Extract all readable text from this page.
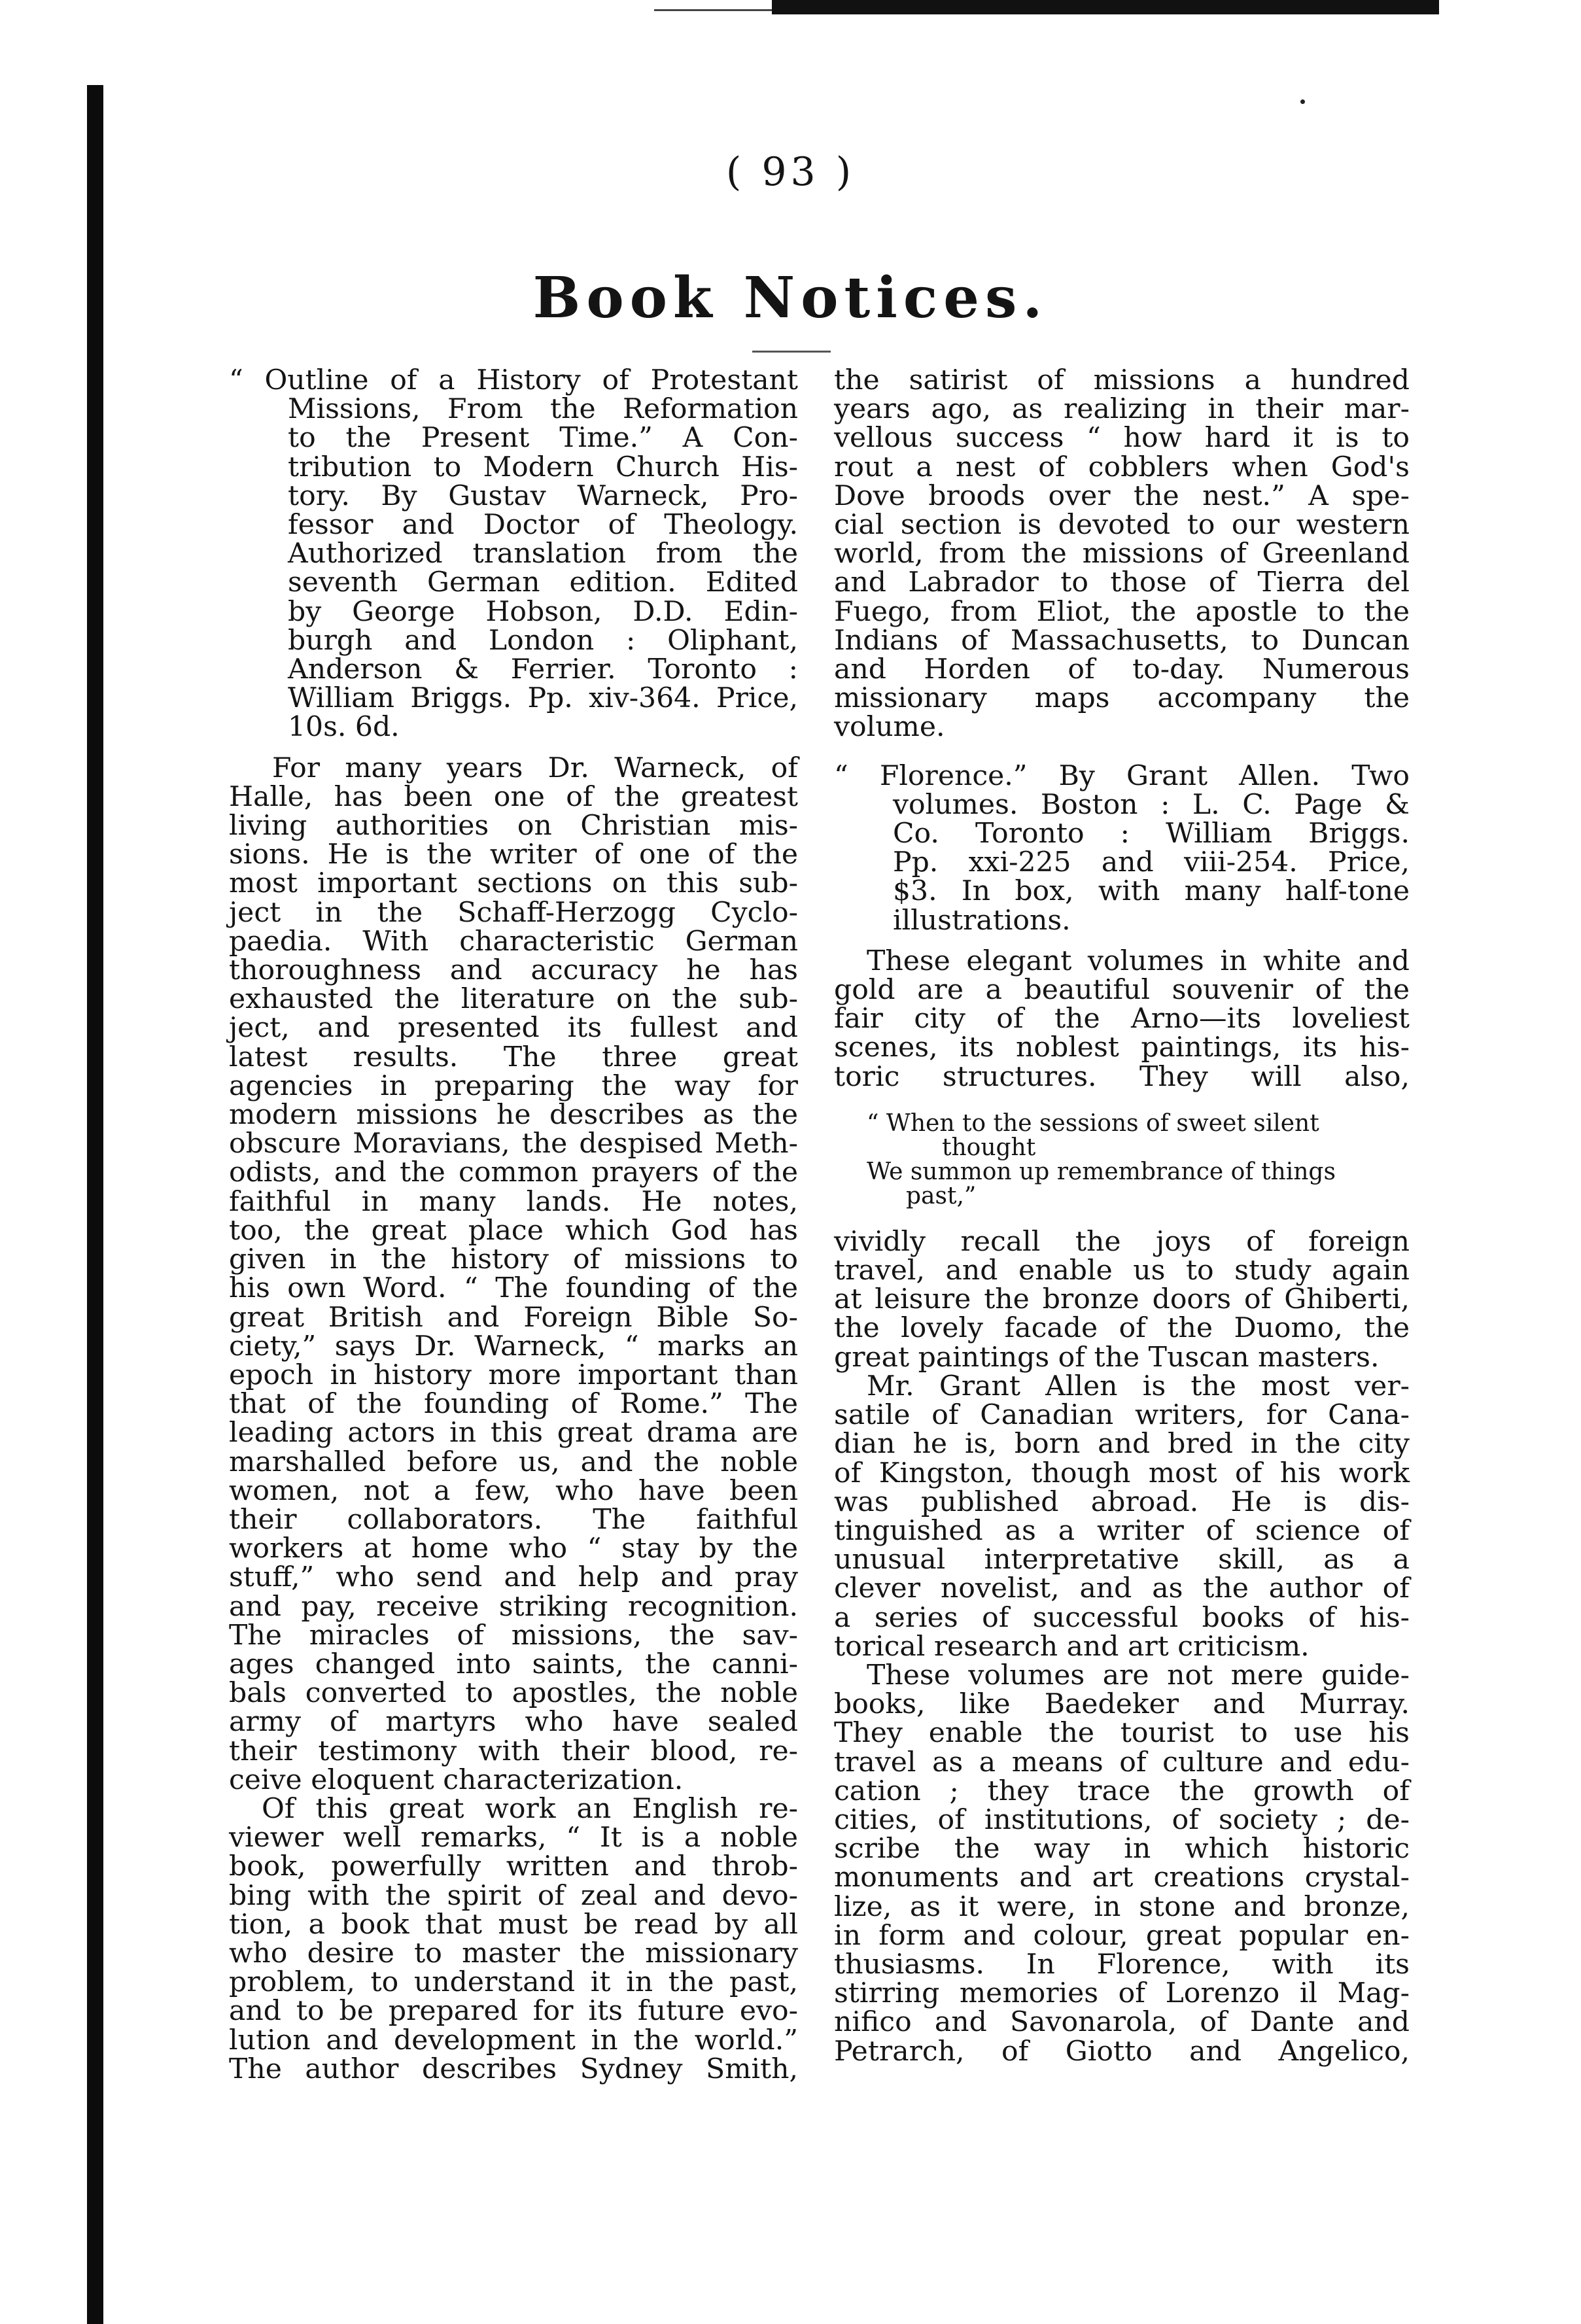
( 93 )
Book Notices.

“ Outline of a History of Protestant

Missions, From the Reformation

to the Present Time.” A Con-

tribution to Modern Church His-

tory. By Gustav Warneck, Pro-

fessor and Doctor of Theology.

Authorized translation from the

seventh German edition. Edited

by George Hobson, D.D. Edin-

burgh and London : Oliphant,

Anderson & Ferrier. Toronto :

William Briggs. Pp. xiv-364. Price,

10s. 6d.

For many years Dr. Warneck, of

Halle, has been one of the greatest

living authorities on Christian mis-

sions. He is the writer of one of the

most important sections on this sub-

ject in the Schaff-Herzogg Cyclo-

paedia. With characteristic German

thoroughness and accuracy he has

exhausted the literature on the sub-

ject, and presented its fullest and

latest results. The three great

agencies in preparing the way for

modern missions he describes as the

obscure Moravians, the despised Meth-

odists, and the common prayers of the

faithful in many lands. He notes,

too, the great place which God has

given in the history of missions to

his own Word. “ The founding of the

great British and Foreign Bible So-

ciety,” says Dr. Warneck, “ marks an

epoch in history more important than

that of the founding of Rome.” The

leading actors in this great drama are

marshalled before us, and the noble

women, not a few, who have been

their collaborators. The faithful

workers at home who “ stay by the

stuff,” who send and help and pray

and pay, receive striking recognition.

The miracles of missions, the sav-

ages changed into saints, the canni-

bals converted to apostles, the noble

army of martyrs who have sealed

their testimony with their blood, re-

ceive eloquent characterization.

Of this great work an English re-

viewer well remarks, “ It is a noble

book, powerfully written and throb-

bing with the spirit of zeal and devo-

tion, a book that must be read by all

who desire to master the missionary

problem, to understand it in the past,

and to be prepared for its future evo-

lution and development in the world.”

The author describes Sydney Smith,

the satirist of missions a hundred

years ago, as realizing in their mar-

vellous success “ how hard it is to

rout a nest of cobblers when God's

Dove broods over the nest.” A spe-

cial section is devoted to our western

world, from the missions of Greenland

and Labrador to those of Tierra del

Fuego, from Eliot, the apostle to the

Indians of Massachusetts, to Duncan

and Horden of to-day. Numerous

missionary maps accompany the

volume.

“ Florence.” By Grant Allen. Two

volumes. Boston : L. C. Page &

Co. Toronto : William Briggs.

Pp. xxi-225 and viii-254. Price,

$3. In box, with many half-tone

illustrations.

These elegant volumes in white and

gold are a beautiful souvenir of the

fair city of the Arno—its loveliest

scenes, its noblest paintings, its his-

toric structures. They will also,

“ When to the sessions of sweet silent

thought

We summon up remembrance of things

past,”

vividly recall the joys of foreign

travel, and enable us to study again

at leisure the bronze doors of Ghiberti,

the lovely facade of the Duomo, the

great paintings of the Tuscan masters.

Mr. Grant Allen is the most ver-

satile of Canadian writers, for Cana-

dian he is, born and bred in the city

of Kingston, though most of his work

was published abroad. He is dis-

tinguished as a writer of science of

unusual interpretative skill, as a

clever novelist, and as the author of

a series of successful books of his-

torical research and art criticism.

These volumes are not mere guide-

books, like Baedeker and Murray.

They enable the tourist to use his

travel as a means of culture and edu-

cation ; they trace the growth of

cities, of institutions, of society ; de-

scribe the way in which historic

monuments and art creations crystal-

lize, as it were, in stone and bronze,

in form and colour, great popular en-

thusiasms. In Florence, with its

stirring memories of Lorenzo il Mag-

nifico and Savonarola, of Dante and

Petrarch, of Giotto and Angelico,
